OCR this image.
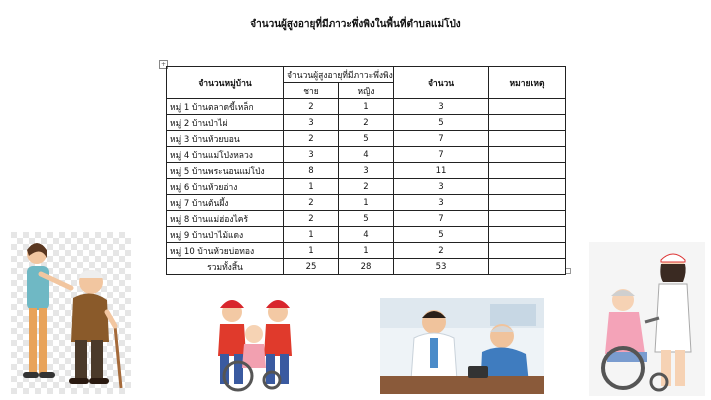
จำนวนผู้สูงอายุที่มีภาวะพึ่งพิงในพื้นที่ตำบลแม่โป่ง
+
จำนวนหมู่บ้าน	จำนวนผู้สูงอายุที่มีภาวะพึ่งพิง		จำนวน	หมายเหตุ
	ชาย	หญิง		
หมู่ 1 บ้านตลาดขี้เหล็ก	2	1	3	
หมู่ 2 บ้านป่าไผ่	3	2	5	
หมู่ 3 บ้านห้วยบอน	2	5	7	
หมู่ 4 บ้านแม่โป่งหลวง	3	4	7	
หมู่ 5 บ้านพระนอนแม่โป่ง	8	3	11	
หมู่ 6 บ้านห้วยอ่าง	1	2	3	
หมู่ 7 บ้านต้นผึ้ง	2	1	3	
หมู่ 8 บ้านแม่ฮ่องไคร้	2	5	7	
หมู่ 9 บ้านป่าไม้แดง	1	4	5	
หมู่ 10 บ้านห้วยบ่อทอง	1	1	2	
รวมทั้งสิ้น	25	28	53	
